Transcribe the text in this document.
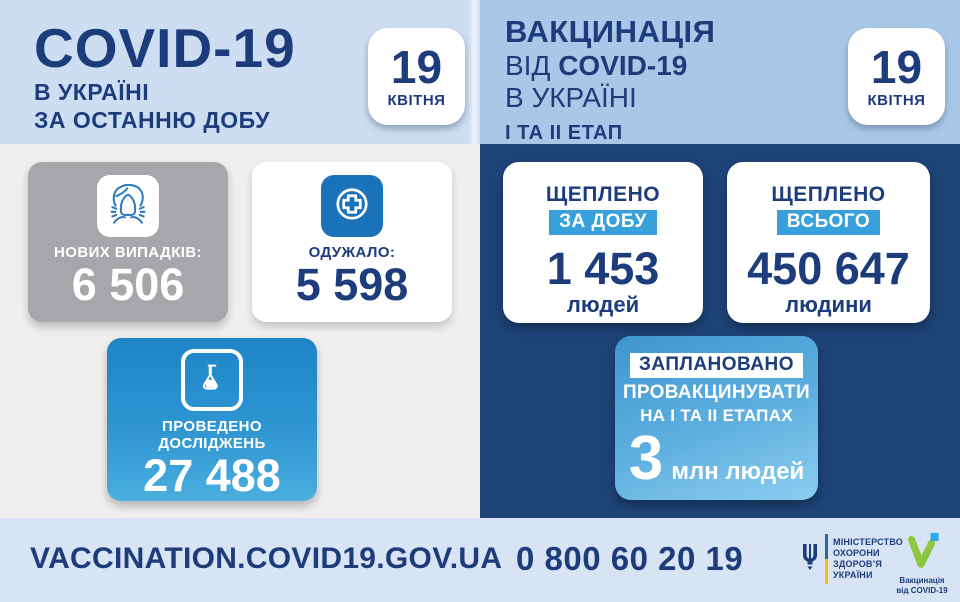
COVID-19
В УКРАЇНІ
ЗА ОСТАННЮ ДОБУ
ВАКЦИНАЦІЯ
ВІД COVID-19
В УКРАЇНІ
І ТА ІІ ЕТАП
19
КВІТНЯ
19
КВІТНЯ
НОВИХ ВИПАДКІВ:
6 506
ОДУЖАЛО:
5 598
ПРОВЕДЕНО ДОСЛІДЖЕНЬ
27 488
ЩЕПЛЕНО
ЗА ДОБУ
1 453
людей
ЩЕПЛЕНО
ВСЬОГО
450 647
людини
ЗАПЛАНОВАНО
ПРОВАКЦИНУВАТИ
НА І ТА ІІ ЕТАПАХ
3 млн людей
VACCINATION.COVID19.GOV.UA 0 800 60 20 19	МІНІСТЕРСТВО
ОХОРОНИ
ЗДОРОВ’Я
УКРАЇНИ
Вакцинація
від COVID-19
